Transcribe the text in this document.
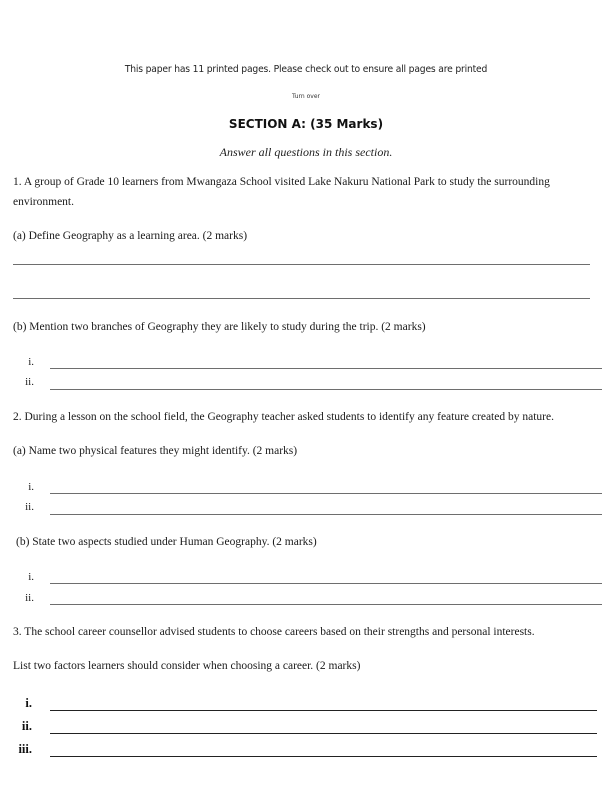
This paper has 11 printed pages. Please check out to ensure all pages are printed
Turn over
SECTION A: (35 Marks)
Answer all questions in this section.
1. A group of Grade 10 learners from Mwangaza School visited Lake Nakuru National Park to study the surrounding
environment.
(a) Define Geography as a learning area. (2 marks)
(b) Mention two branches of Geography they are likely to study during the trip. (2 marks)
i.
ii.
2. During a lesson on the school field, the Geography teacher asked students to identify any feature created by nature.
(a) Name two physical features they might identify. (2 marks)
i.
ii.
(b) State two aspects studied under Human Geography. (2 marks)
i.
ii.
3. The school career counsellor advised students to choose careers based on their strengths and personal interests.
List two factors learners should consider when choosing a career. (2 marks)
i.
ii.
iii.
